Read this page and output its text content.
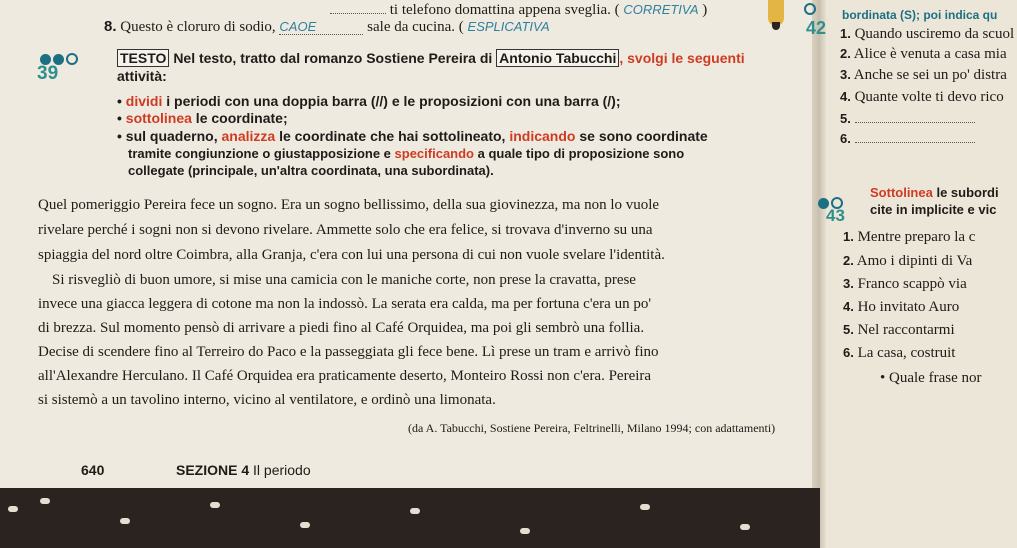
ti telefono domattina appena sveglia. ( CORRETIVA )
8. Questo è cloruro di sodio, CAOE	sale da cucina. ( ESPLICATIVA
39
TESTO Nel testo, tratto dal romanzo Sostiene Pereira di Antonio Tabucchi , svolgi le seguenti
attività:
• dividi i periodi con una doppia barra (//) e le proposizioni con una barra (/);
• sottolinea le coordinate;
• sul quaderno, analizza le coordinate che hai sottolineato, indicando se sono coordinate
tramite congiunzione o giustapposizione e specificando a quale tipo di proposizione sono
collegate (principale, un'altra coordinata, una subordinata).
Quel pomeriggio Pereira fece un sogno. Era un sogno bellissimo, della sua giovinezza, ma non lo vuole
rivelare perché i sogni non si devono rivelare. Ammette solo che era felice, si trovava d'inverno su una
spiaggia del nord oltre Coimbra, alla Granja, c'era con lui una persona di cui non vuole svelare l'identità.
Si risvegliò di buon umore, si mise una camicia con le maniche corte, non prese la cravatta, prese
invece una giacca leggera di cotone ma non la indossò. La serata era calda, ma per fortuna c'era un po'
di brezza. Sul momento pensò di arrivare a piedi fino al Café Orquidea, ma poi gli sembrò una follia.
Decise di scendere fino al Terreiro do Paco e la passeggiata gli fece bene. Lì prese un tram e arrivò fino
all'Alexandre Herculano. Il Café Orquidea era praticamente deserto, Monteiro Rossi non c'era. Pereira
si sistemò a un tavolino interno, vicino al ventilatore, e ordinò una limonata.
(da A. Tabucchi, Sostiene Pereira, Feltrinelli, Milano 1994; con adattamenti)
640	SEZIONE 4 Il periodo
42
bordinata (S); poi indica qu
1. Quando usciremo da scuol
2. Alice è venuta a casa mia
3. Anche se sei un po' distra
4. Quante volte ti devo rico
5.
6.
43
Sottolinea le subordi
cite in implicite e vic
1. Mentre preparo la c
2. Amo i dipinti di Va
3. Franco scappò via
4. Ho invitato Auro
5. Nel raccontarmi
6. La casa, costruit
• Quale frase nor
